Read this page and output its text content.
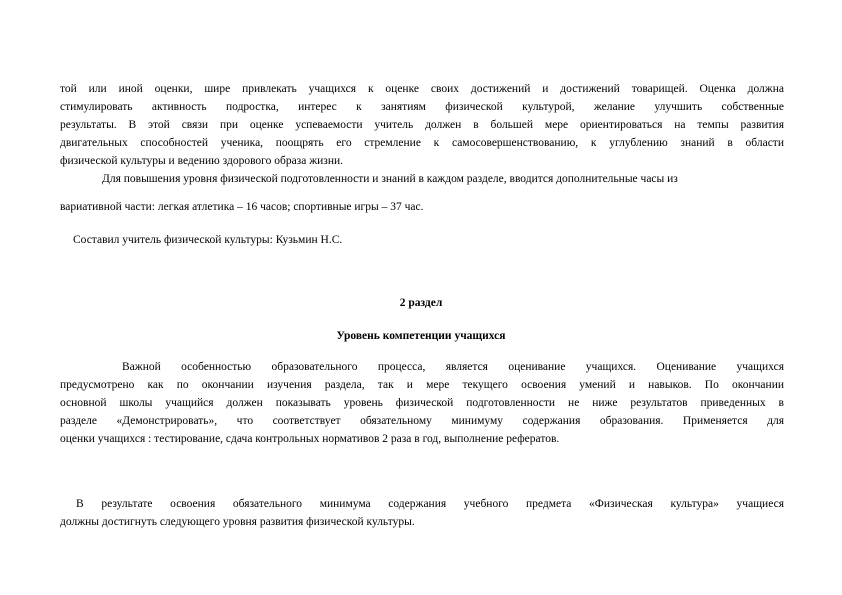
той или иной оценки, шире привлекать учащихся к оценке своих достижений и достижений товарищей. Оценка должна
стимулировать активность подростка, интерес к занятиям физической культурой, желание улучшить собственные
результаты. В этой связи при оценке успеваемости учитель должен в большей мере ориентироваться на темпы развития
двигательных способностей ученика, поощрять его стремление к самосовершенствованию, к углублению знаний в области
физической культуры и ведению здорового образа жизни.
Для повышения уровня физической подготовленности и знаний в каждом разделе, вводится дополнительные часы из
вариативной части: легкая атлетика – 16 часов; спортивные игры – 37 час.
Составил учитель физической культуры: Кузьмин Н.С.
2 раздел
Уровень компетенции учащихся
Важной особенностью образовательного процесса, является оценивание учащихся. Оценивание учащихся
предусмотрено как по окончании изучения раздела, так и мере текущего освоения умений и навыков. По окончании
основной школы учащийся должен показывать уровень физической подготовленности не ниже результатов приведенных в
разделе «Демонстрировать», что соответствует обязательному минимуму содержания образования. Применяется для
оценки учащихся : тестирование, сдача контрольных нормативов 2 раза в год, выполнение рефератов.
В результате освоения обязательного минимума содержания учебного предмета «Физическая культура» учащиеся
должны достигнуть следующего уровня развития физической культуры.
